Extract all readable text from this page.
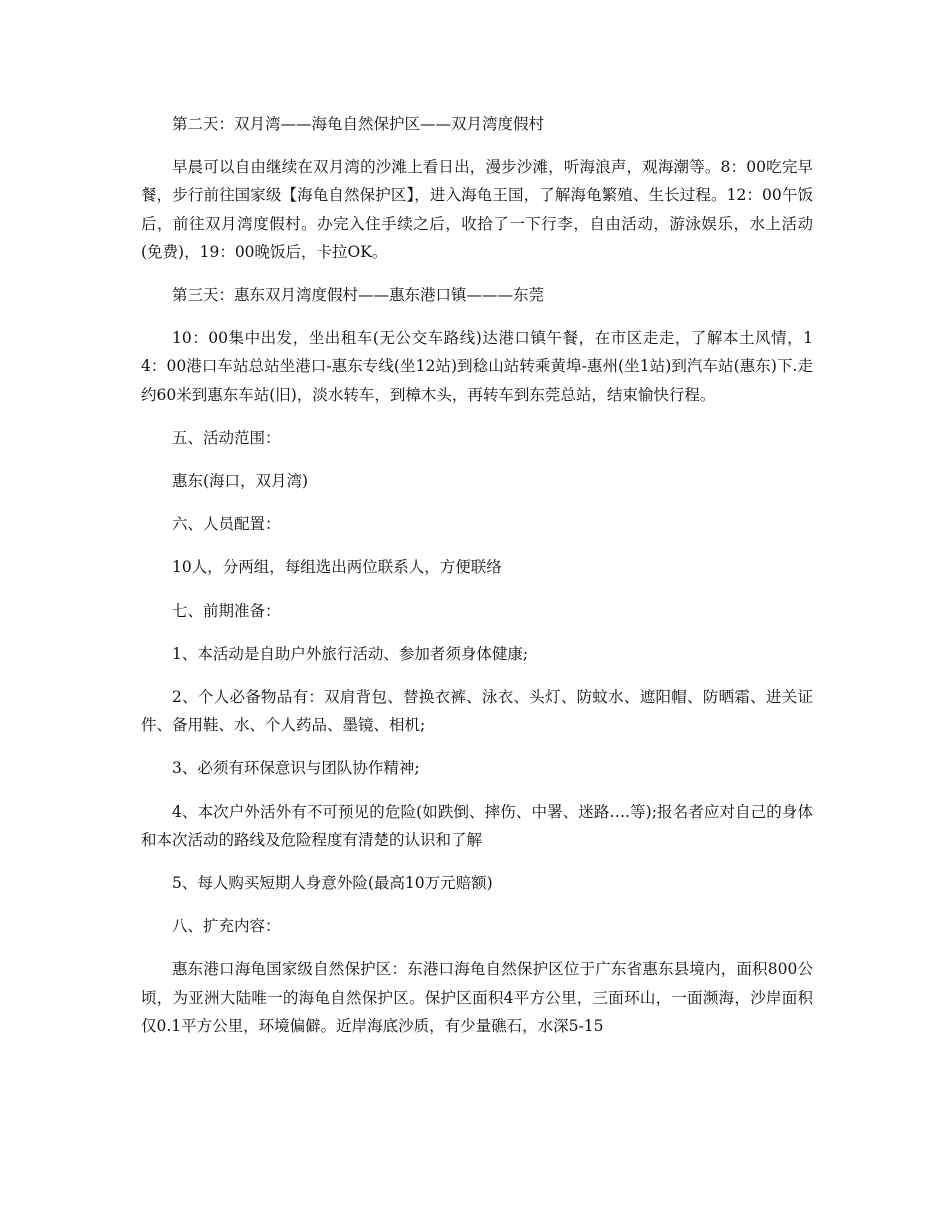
第二天：双月湾——海龟自然保护区——双月湾度假村

早晨可以自由继续在双月湾的沙滩上看日出，漫步沙滩，听海浪声，观海潮等。8：00吃完早餐，步行前往国家级【海龟自然保护区】，进入海龟王国，了解海龟繁殖、生长过程。12：00午饭后，前往双月湾度假村。办完入住手续之后，收拾了一下行李，自由活动，游泳娱乐，水上活动(免费)，19：00晚饭后，卡拉OK。

第三天：惠东双月湾度假村——惠东港口镇———东莞

10：00集中出发，坐出租车(无公交车路线)达港口镇午餐，在市区走走，了解本土风情，14：00港口车站总站坐港口-惠东专线(坐12站)到稔山站转乘黄埠-惠州(坐1站)到汽车站(惠东)下.走约60米到惠东车站(旧)，淡水转车，到樟木头，再转车到东莞总站，结束愉快行程。

五、活动范围：

惠东(海口，双月湾)

六、人员配置：

10人，分两组，每组选出两位联系人，方便联络

七、前期准备：

1、本活动是自助户外旅行活动、参加者须身体健康;

2、个人必备物品有：双肩背包、替换衣裤、泳衣、头灯、防蚊水、遮阳帽、防晒霜、进关证件、备用鞋、水、个人药品、墨镜、相机;

3、必须有环保意识与团队协作精神;

4、本次户外活外有不可预见的危险(如跌倒、摔伤、中署、迷路….等);报名者应对自己的身体和本次活动的路线及危险程度有清楚的认识和了解

5、每人购买短期人身意外险(最高10万元赔额)

八、扩充内容：

惠东港口海龟国家级自然保护区：东港口海龟自然保护区位于广东省惠东县境内，面积800公顷，为亚洲大陆唯一的海龟自然保护区。保护区面积4平方公里，三面环山，一面濒海，沙岸面积仅0.1平方公里，环境偏僻。近岸海底沙质，有少量礁石，水深5-15
